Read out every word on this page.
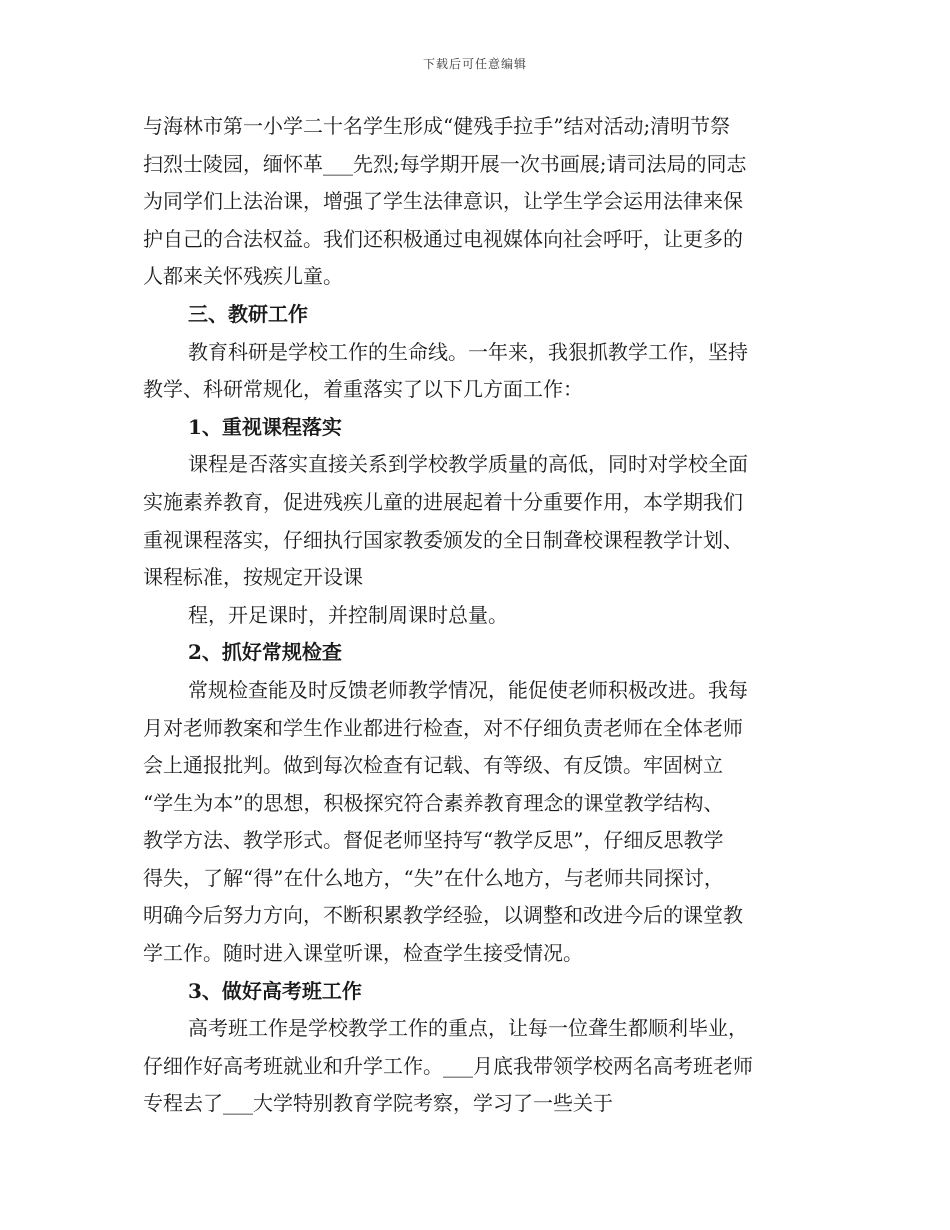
下载后可任意编辑

与海林市第一小学二十名学生形成“健残手拉手”结对活动;清明节祭

扫烈士陵园，缅怀革___先烈;每学期开展一次书画展;请司法局的同志

为同学们上法治课，增强了学生法律意识，让学生学会运用法律来保

护自己的合法权益。我们还积极通过电视媒体向社会呼吁，让更多的

人都来关怀残疾儿童。

三、教研工作

教育科研是学校工作的生命线。一年来，我狠抓教学工作，坚持

教学、科研常规化，着重落实了以下几方面工作：

1、重视课程落实

课程是否落实直接关系到学校教学质量的高低，同时对学校全面

实施素养教育，促进残疾儿童的进展起着十分重要作用，本学期我们

重视课程落实，仔细执行国家教委颁发的全日制聋校课程教学计划、

课程标准，按规定开设课

程，开足课时，并控制周课时总量。

2、抓好常规检查

常规检查能及时反馈老师教学情况，能促使老师积极改进。我每

月对老师教案和学生作业都进行检查，对不仔细负责老师在全体老师

会上通报批判。做到每次检查有记载、有等级、有反馈。牢固树立

“学生为本”的思想，积极探究符合素养教育理念的课堂教学结构、

教学方法、教学形式。督促老师坚持写“教学反思”，仔细反思教学

得失，了解“得”在什么地方，“失”在什么地方，与老师共同探讨，

明确今后努力方向，不断积累教学经验，以调整和改进今后的课堂教

学工作。随时进入课堂听课，检查学生接受情况。

3、做好高考班工作

高考班工作是学校教学工作的重点，让每一位聋生都顺利毕业，

仔细作好高考班就业和升学工作。___月底我带领学校两名高考班老师

专程去了___大学特别教育学院考察，学习了一些关于
